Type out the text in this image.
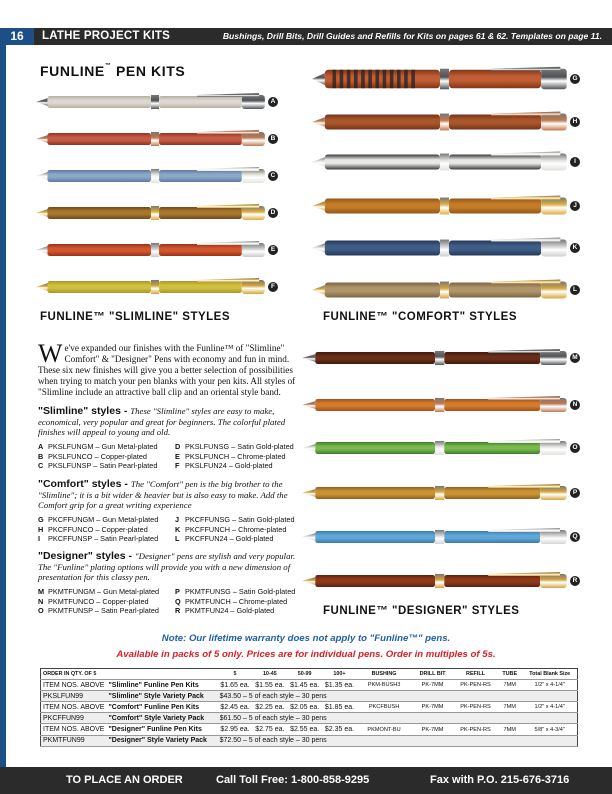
16	LATHE PROJECT KITS	Bushings, Drill Bits, Drill Guides and Refills for Kits on pages 61 & 62. Templates on page 11.
FUNLINE™ PEN KITS
A
B
C
D
E
F
G
H
I
J
K
L
M
N
O
P
Q
R
FUNLINE™ "SLIMLINE" STYLES	FUNLINE™ "COMFORT" STYLES
FUNLINE™ "DESIGNER" STYLES
We've expanded our finishes with the Funline™ of "Slimline" Comfort" & "Designer" Pens with economy and fun in mind. These six new finishes will give you a better selection of possibilities when trying to match your pen blanks with your pen kits. All styles of "Slimline include an attractive ball clip and an oriental style band.
"Slimline" styles - These "Slimline" styles are easy to make, economical, very popular and great for beginners. The colorful plated finishes will appeal to young and old.
A PKSLFUNGM – Gun Metal-plated	D PKSLFUNSG – Satin Gold-plated
B PKSLFUNCO – Copper-plated	E PKSLFUNCH – Chrome-plated
C PKSLFUNSP – Satin Pearl-plated	F PKSLFUN24 – Gold-plated
"Comfort" styles - The "Comfort" pen is the big brother to the "Slimline"; it is a bit wider & heavier but is also easy to make. Add the Comfort grip for a great writing experience
G PKCFFUNGM – Gun Metal-plated	J PKCFFUNSG – Satin Gold-plated
H PKCFFUNCO – Copper-plated	K PKCFFUNCH – Chrome-plated
I PKCFFUNSP – Satin Pearl-plated	L PKCFFUN24 – Gold-plated
"Designer" styles - "Designer" pens are stylish and very popular. The "Funline" plating options will provide you with a new dimension of presentation for this classy pen.
M PKMTFUNGM – Gun Metal-plated	P PKMTFUNSG – Satin Gold-plated
N PKMTFUNCO – Copper-plated	Q PKMTFUNCH – Chrome-plated
O PKMTFUNSP – Satin Pearl-plated	R PKMTFUN24 – Gold-plated
Note: Our lifetime warranty does not apply to "Funline™" pens.
Available in packs of 5 only. Prices are for individual pens. Order in multiples of 5s.
ORDER IN QTY. OF 5		5	10-45	50-99	100+	BUSHING	DRILL BIT	REFILL	TUBE	Total Blank Size
ITEM NOS. ABOVE	"Slimline" Funline Pen Kits	$1.65 ea.	$1.55 ea.	$1.45 ea.	$1.35 ea.	PKM-BUSH3	PK-7MM	PK-PEN-RS	7MM	1/2" x 4-1/4"
PKSLFUN99	"Slimline" Style Variety Pack	$43.50 – 5 of each style – 30 pens								
ITEM NOS. ABOVE	"Comfort" Funline Pen Kits	$2.45 ea.	$2.25 ea.	$2.05 ea.	$1.85 ea.	PKCFBUSH	PK-7MM	PK-PEN-RS	7MM	1/2" x 4-1/4"
PKCFFUN99	"Comfort" Style Variety Pack	$61.50 – 5 of each style – 30 pens								
ITEM NOS. ABOVE	"Designer" Funline Pen Kits	$2.95 ea.	$2.75 ea.	$2.55 ea.	$2.35 ea.	PKMONT-BU	PK-7MM	PK-PEN-RS	7MM	5/8" x 4-3/4"
PKMTFUN99	"Designer" Style Variety Pack	$72.50 – 5 of each style – 30 pens								
TO PLACE AN ORDER	Call Toll Free: 1-800-858-9295	Fax with P.O. 215-676-3716
